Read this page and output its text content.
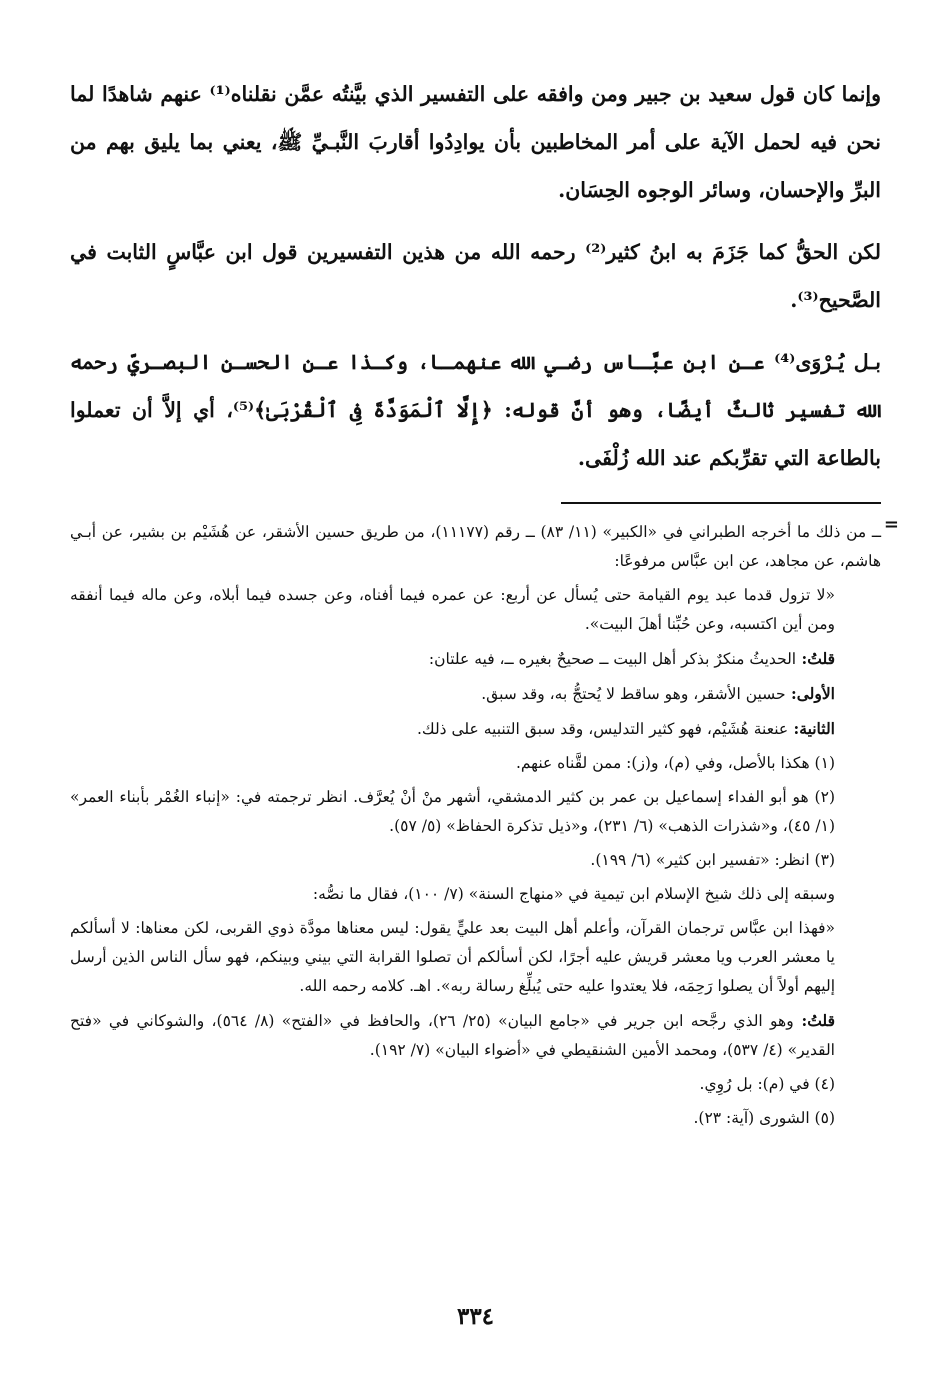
وإنما كان قول سعيد بن جبير ومن وافقه على التفسير الذي بيَّنتُه عمَّن نقلناه⁽¹⁾ عنهم شاهدًا لما نحن فيه لحمل الآية على أمر المخاطبين بأن يوادِدُوا أقاربَ النَّبـيِّ ﷺ، يعني بما يليق بهم من البرِّ والإحسان، وسائر الوجوه الحِسَان.

لكن الحقُّ كما جَزَمَ به ابنُ كثير⁽²⁾ رحمه الله من هذين التفسيرين قول ابن عبَّاسٍ الثابت في الصَّحيح⁽³⁾.

بـل يُـرْوَى⁽⁴⁾ عـن ابن عبَّـاس رضـي الله عنهمـا، وكـذا عـن الحسـن البصـريِّ رحمه الله تفسير ثالثٌ أيضًا، وهو أنَّ قوله: ﴿إِلَّا ٱلْمَوَدَّةَ فِى ٱلْقُرْبَىٰ﴾⁽⁵⁾، أي إلاَّ أن تعملوا بالطاعة التي تقرِّبكم عند الله زُلْفَى.

=

ــ من ذلك ما أخرجه الطبراني في «الكبير» (١١/ ٨٣) ــ رقم (١١١٧٧)، من طريق حسين الأشقر، عن هُشَيْم بن بشير، عن أبـي هاشم، عن مجاهد، عن ابن عبَّاس مرفوعًا:

«لا تزول قدما عبد يوم القيامة حتى يُسأل عن أربع: عن عمره فيما أفناه، وعن جسده فيما أبلاه، وعن ماله فيما أنفقه ومن أين اكتسبه، وعن حُبِّنا أهلَ البيت».

قلتُ: الحديثُ منكرٌ بذكر أهل البيت ــ صحيحٌ بغيره ــ، فيه علتان:

الأولى: حسين الأشقر، وهو ساقط لا يُحتجُّ به، وقد سبق.

الثانية: عنعنة هُشَيْم، فهو كثير التدليس، وقد سبق التنبيه على ذلك.

(١) هكذا بالأصل، وفي (م)، و(ز): ممن لقَّناه عنهم.

(٢) هو أبو الفداء إسماعيل بن عمر بن كثير الدمشقي، أشهر منْ أنْ يُعرَّف. انظر ترجمته في: «إنباء الغُمْر بأبناء العمر» (١/ ٤٥)، و«شذرات الذهب» (٦/ ٢٣١)، و«ذيل تذكرة الحفاظ» (٥/ ٥٧).

(٣) انظر: «تفسير ابن كثير» (٦/ ١٩٩).

وسبقه إلى ذلك شيخ الإسلام ابن تيمية في «منهاج السنة» (٧/ ١٠٠)، فقال ما نصُّه:

«فهذا ابن عبَّاس ترجمان القرآن، وأعلم أهل البيت بعد عليٍّ يقول: ليس معناها مودَّة ذوي القربى، لكن معناها: لا أسألكم يا معشر العرب ويا معشر قريش عليه أجرًا، لكن أسألكم أن تصلوا القرابة التي بيني وبينكم، فهو سأل الناس الذين أرسل إليهم أولاً أن يصلوا رَحِمَه، فلا يعتدوا عليه حتى يُبلِّغ رسالة ربه». اهـ. كلامه رحمه الله.

قلتُ: وهو الذي رجَّحه ابن جرير في «جامع البيان» (٢٥/ ٢٦)، والحافظ في «الفتح» (٨/ ٥٦٤)، والشوكاني في «فتح القدير» (٤/ ٥٣٧)، ومحمد الأمين الشنقيطي في «أضواء البيان» (٧/ ١٩٢).

(٤) في (م): بل رُوِي.

(٥) الشورى (آية: ٢٣).

٣٣٤
